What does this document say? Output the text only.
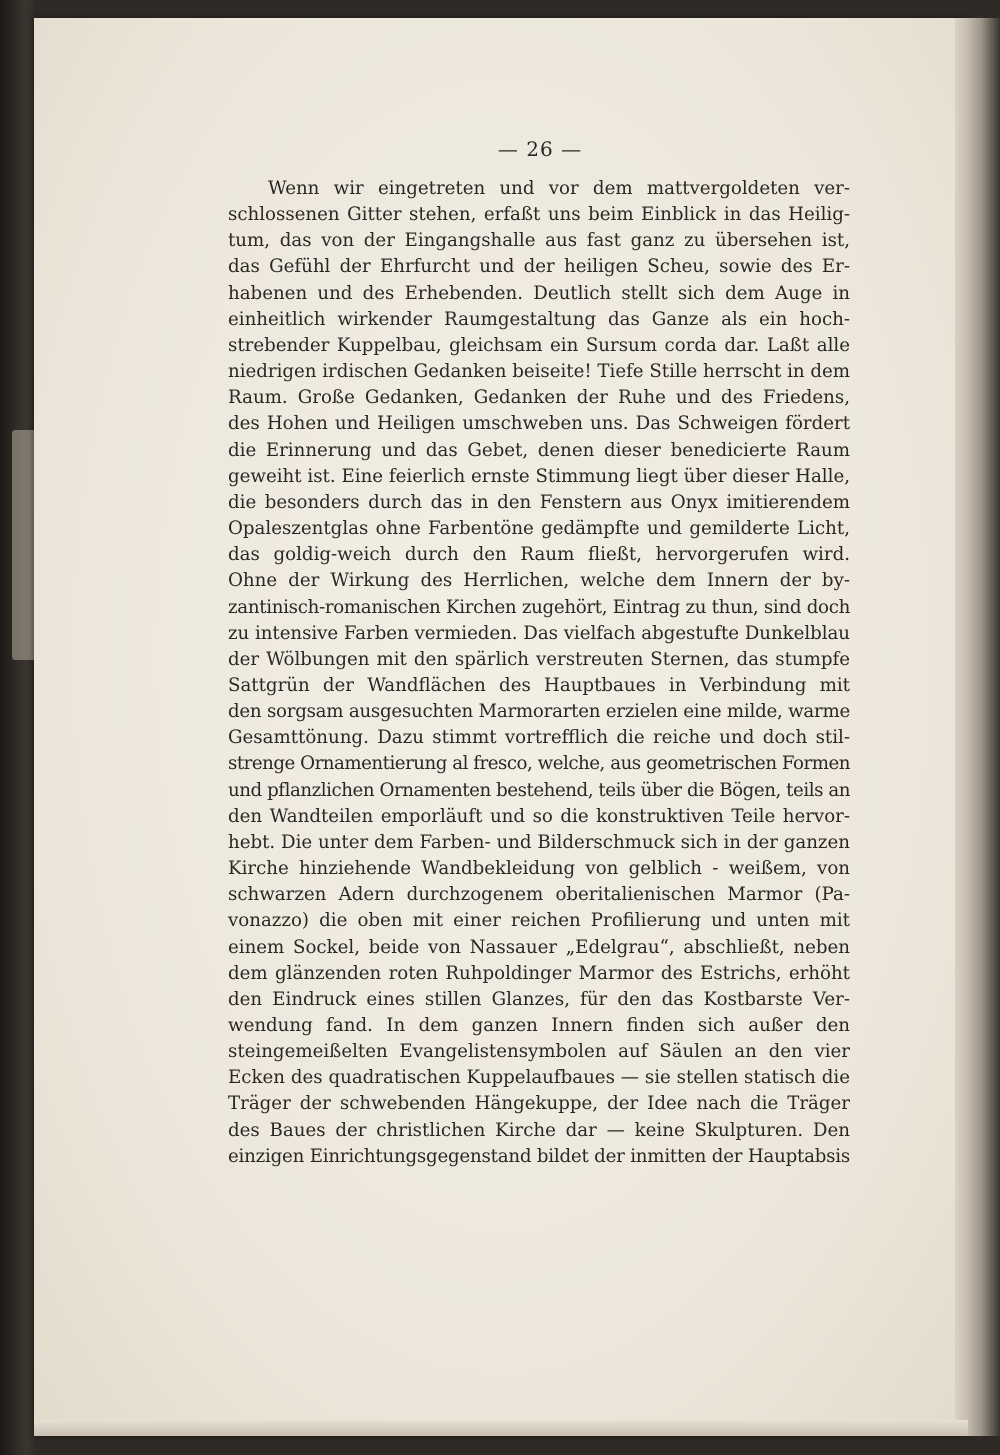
— 26 —
Wenn wir eingetreten und vor dem mattvergoldeten ver-
schlossenen Gitter stehen, erfaßt uns beim Einblick in das Heilig-
tum, das von der Eingangshalle aus fast ganz zu übersehen ist,
das Gefühl der Ehrfurcht und der heiligen Scheu, sowie des Er-
habenen und des Erhebenden. Deutlich stellt sich dem Auge in
einheitlich wirkender Raumgestaltung das Ganze als ein hoch-
strebender Kuppelbau, gleichsam ein Sursum corda dar. Laßt alle
niedrigen irdischen Gedanken beiseite! Tiefe Stille herrscht in dem
Raum. Große Gedanken, Gedanken der Ruhe und des Friedens,
des Hohen und Heiligen umschweben uns. Das Schweigen fördert
die Erinnerung und das Gebet, denen dieser benedicierte Raum
geweiht ist. Eine feierlich ernste Stimmung liegt über dieser Halle,
die besonders durch das in den Fenstern aus Onyx imitierendem
Opaleszentglas ohne Farbentöne gedämpfte und gemilderte Licht,
das goldig-weich durch den Raum fließt, hervorgerufen wird.
Ohne der Wirkung des Herrlichen, welche dem Innern der by-
zantinisch-romanischen Kirchen zugehört, Eintrag zu thun, sind doch
zu intensive Farben vermieden. Das vielfach abgestufte Dunkelblau
der Wölbungen mit den spärlich verstreuten Sternen, das stumpfe
Sattgrün der Wandflächen des Hauptbaues in Verbindung mit
den sorgsam ausgesuchten Marmorarten erzielen eine milde, warme
Gesamttönung. Dazu stimmt vortrefflich die reiche und doch stil-
strenge Ornamentierung al fresco, welche, aus geometrischen Formen
und pflanzlichen Ornamenten bestehend, teils über die Bögen, teils an
den Wandteilen emporläuft und so die konstruktiven Teile hervor-
hebt. Die unter dem Farben- und Bilderschmuck sich in der ganzen
Kirche hinziehende Wandbekleidung von gelblich - weißem, von
schwarzen Adern durchzogenem oberitalienischen Marmor (Pa-
vonazzo) die oben mit einer reichen Profilierung und unten mit
einem Sockel, beide von Nassauer „Edelgrau“, abschließt, neben
dem glänzenden roten Ruhpoldinger Marmor des Estrichs, erhöht
den Eindruck eines stillen Glanzes, für den das Kostbarste Ver-
wendung fand. In dem ganzen Innern finden sich außer den
steingemeißelten Evangelistensymbolen auf Säulen an den vier
Ecken des quadratischen Kuppelaufbaues — sie stellen statisch die
Träger der schwebenden Hängekuppe, der Idee nach die Träger
des Baues der christlichen Kirche dar — keine Skulpturen. Den
einzigen Einrichtungsgegenstand bildet der inmitten der Hauptabsis
